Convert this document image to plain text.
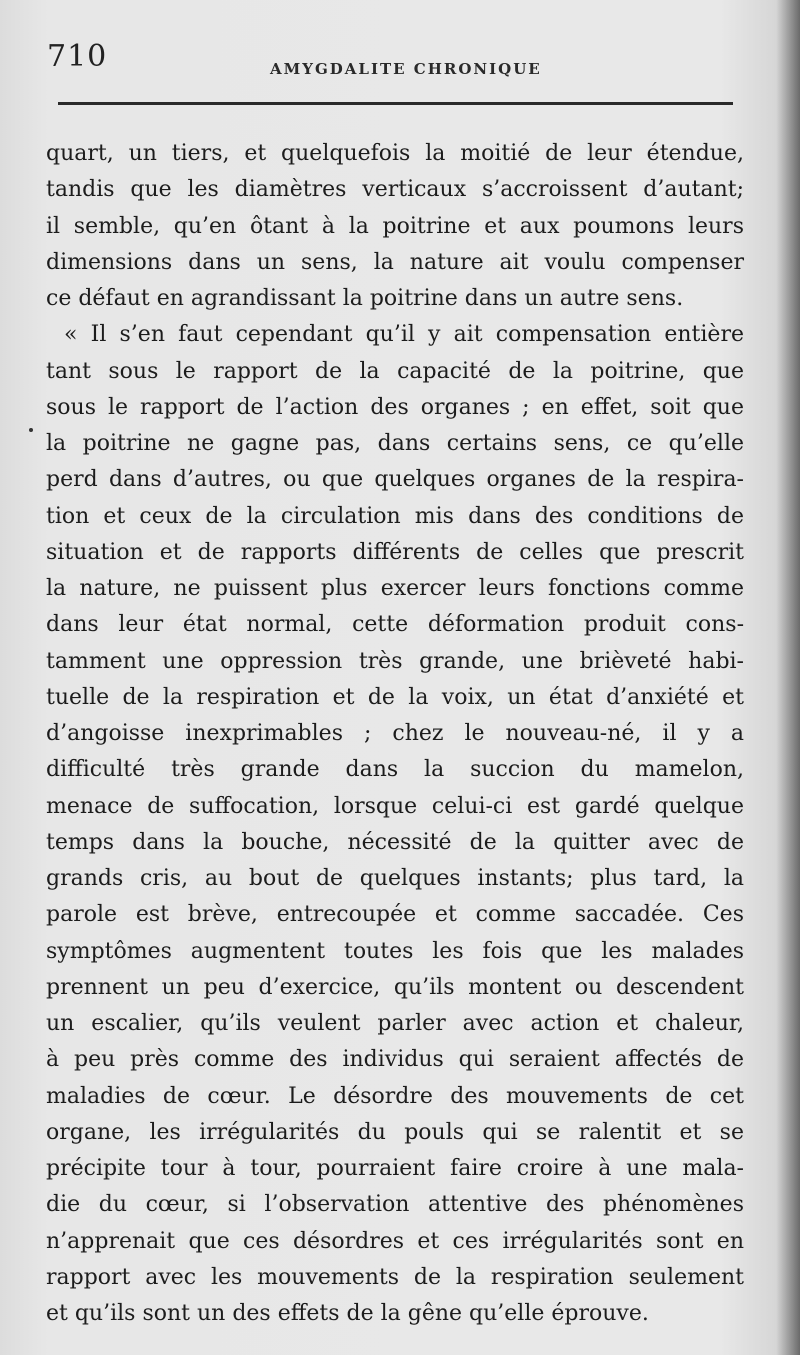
710	AMYGDALITE CHRONIQUE
quart, un tiers, et quelquefois la moitié de leur étendue,
tandis que les diamètres verticaux s’accroissent d’autant;
il semble, qu’en ôtant à la poitrine et aux poumons leurs
dimensions dans un sens, la nature ait voulu compenser
ce défaut en agrandissant la poitrine dans un autre sens.
« Il s’en faut cependant qu’il y ait compensation entière
tant sous le rapport de la capacité de la poitrine, que
sous le rapport de l’action des organes ; en effet, soit que
la poitrine ne gagne pas, dans certains sens, ce qu’elle
perd dans d’autres, ou que quelques organes de la respira-
tion et ceux de la circulation mis dans des conditions de
situation et de rapports différents de celles que prescrit
la nature, ne puissent plus exercer leurs fonctions comme
dans leur état normal, cette déformation produit cons-
tamment une oppression très grande, une brièveté habi-
tuelle de la respiration et de la voix, un état d’anxiété et
d’angoisse inexprimables ; chez le nouveau-né, il y a
difficulté très grande dans la succion du mamelon,
menace de suffocation, lorsque celui-ci est gardé quelque
temps dans la bouche, nécessité de la quitter avec de
grands cris, au bout de quelques instants; plus tard, la
parole est brève, entrecoupée et comme saccadée. Ces
symptômes augmentent toutes les fois que les malades
prennent un peu d’exercice, qu’ils montent ou descendent
un escalier, qu’ils veulent parler avec action et chaleur,
à peu près comme des individus qui seraient affectés de
maladies de cœur. Le désordre des mouvements de cet
organe, les irrégularités du pouls qui se ralentit et se
précipite tour à tour, pourraient faire croire à une mala-
die du cœur, si l’observation attentive des phénomènes
n’apprenait que ces désordres et ces irrégularités sont en
rapport avec les mouvements de la respiration seulement
et qu’ils sont un des effets de la gêne qu’elle éprouve.
